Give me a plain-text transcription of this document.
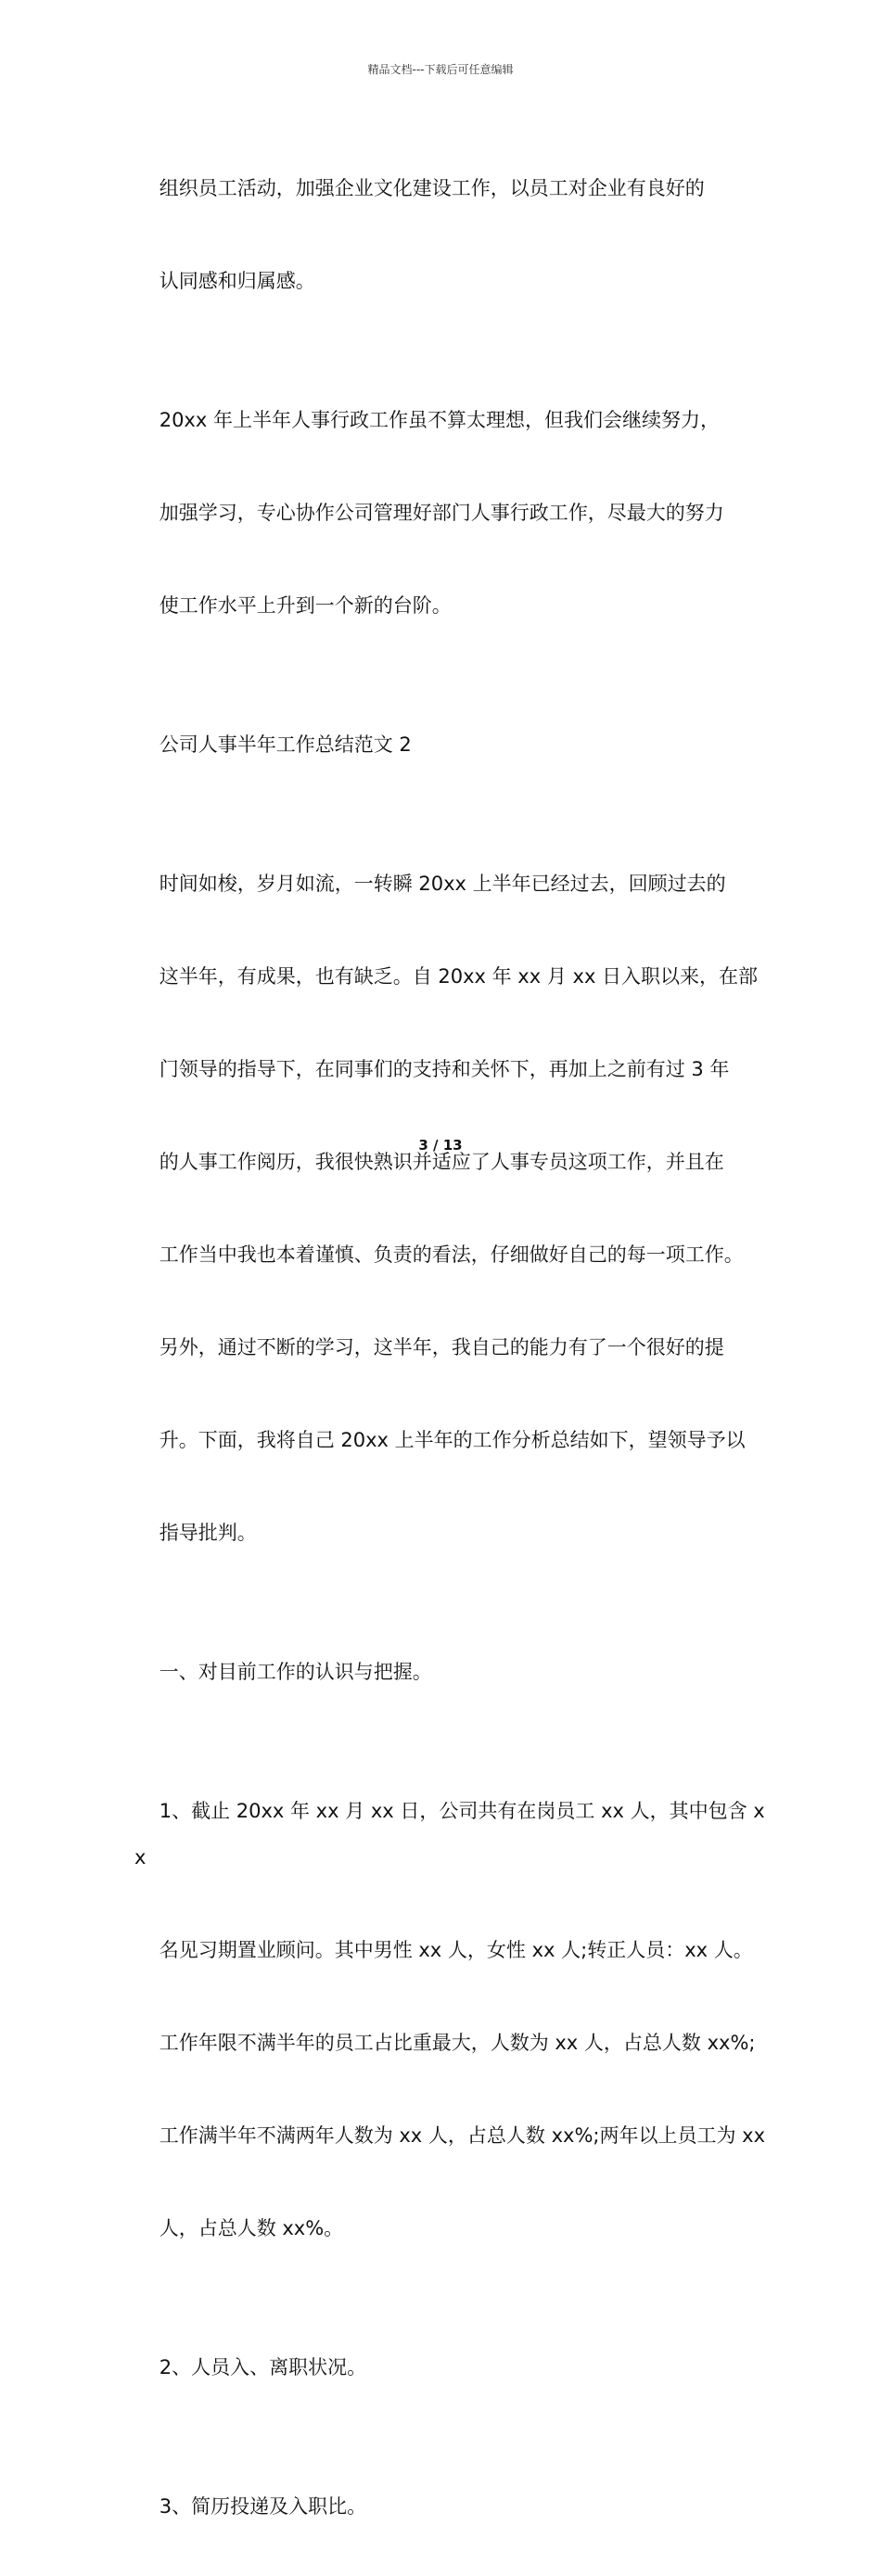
精品文档---下载后可任意编辑

组织员工活动，加强企业文化建设工作，以员工对企业有良好的

认同感和归属感。

20xx 年上半年人事行政工作虽不算太理想，但我们会继续努力，

加强学习，专心协作公司管理好部门人事行政工作，尽最大的努力

使工作水平上升到一个新的台阶。

公司人事半年工作总结范文 2

时间如梭，岁月如流，一转瞬 20xx 上半年已经过去，回顾过去的

这半年，有成果，也有缺乏。自 20xx 年 xx 月 xx 日入职以来，在部

门领导的指导下，在同事们的支持和关怀下，再加上之前有过 3 年

的人事工作阅历，我很快熟识并适应了人事专员这项工作，并且在

工作当中我也本着谨慎、负责的看法，仔细做好自己的每一项工作。

另外，通过不断的学习，这半年，我自己的能力有了一个很好的提

升。下面，我将自己 20xx 上半年的工作分析总结如下，望领导予以

指导批判。

一、对目前工作的认识与把握。

1、截止 20xx 年 xx 月 xx 日，公司共有在岗员工 xx 人，其中包含 xx

名见习期置业顾问。其中男性 xx 人，女性 xx 人;转正人员：xx 人。

工作年限不满半年的员工占比重最大，人数为 xx 人，占总人数 xx%;

工作满半年不满两年人数为 xx 人，占总人数 xx%;两年以上员工为 xx

人，占总人数 xx%。

2、人员入、离职状况。

3、简历投递及入职比。

3 / 13
